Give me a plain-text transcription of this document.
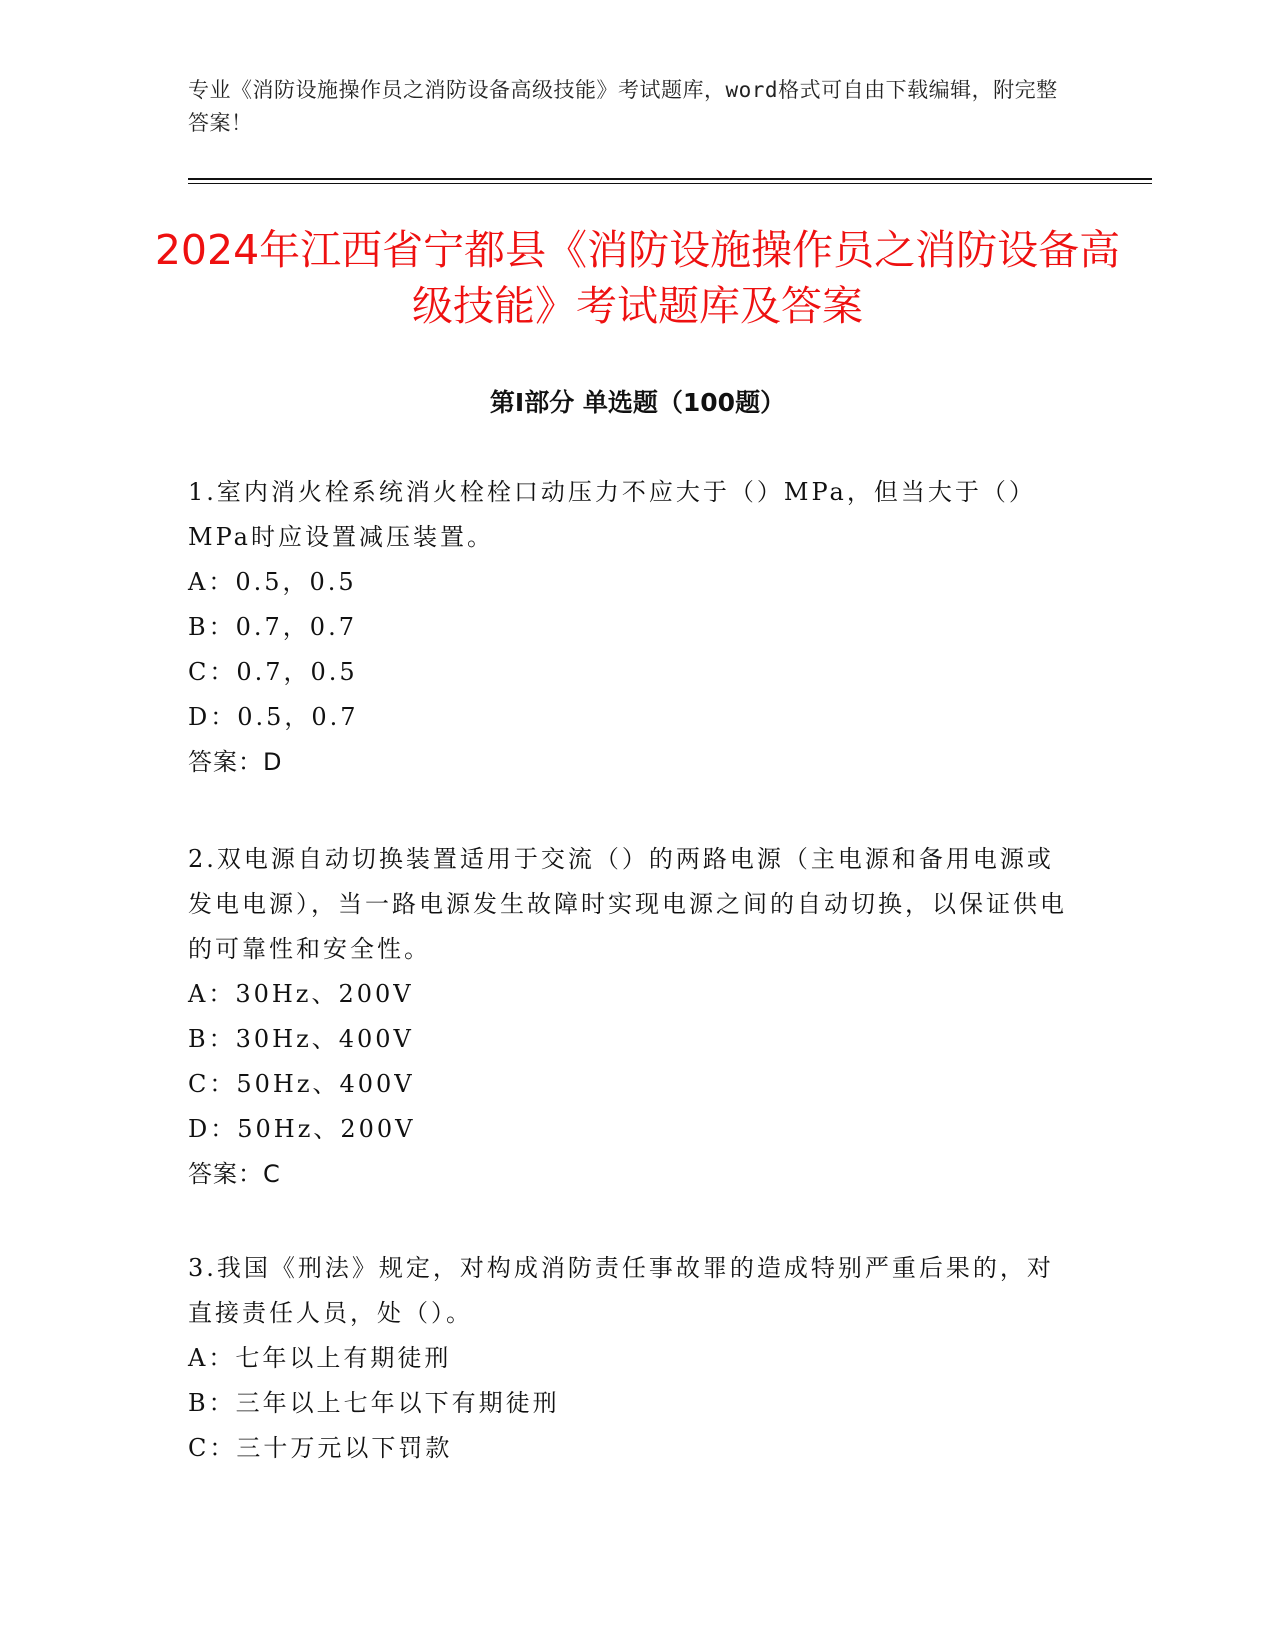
专业《消防设施操作员之消防设备高级技能》考试题库，word格式可自由下载编辑，附完整答案！
2024年江西省宁都县《消防设施操作员之消防设备高级技能》考试题库及答案
第Ⅰ部分 单选题（100题）

1.室内消火栓系统消火栓栓口动压力不应大于（）MPa，但当大于（）MPa时应设置减压装置。

A：0.5，0.5

B：0.7，0.7

C：0.7，0.5

D：0.5，0.7

答案：D

2.双电源自动切换装置适用于交流（）的两路电源（主电源和备用电源或发电电源），当一路电源发生故障时实现电源之间的自动切换，以保证供电的可靠性和安全性。

A：30Hz、200V

B：30Hz、400V

C：50Hz、400V

D：50Hz、200V

答案：C

3.我国《刑法》规定，对构成消防责任事故罪的造成特别严重后果的，对直接责任人员，处（）。

A：七年以上有期徒刑

B：三年以上七年以下有期徒刑

C：三十万元以下罚款
